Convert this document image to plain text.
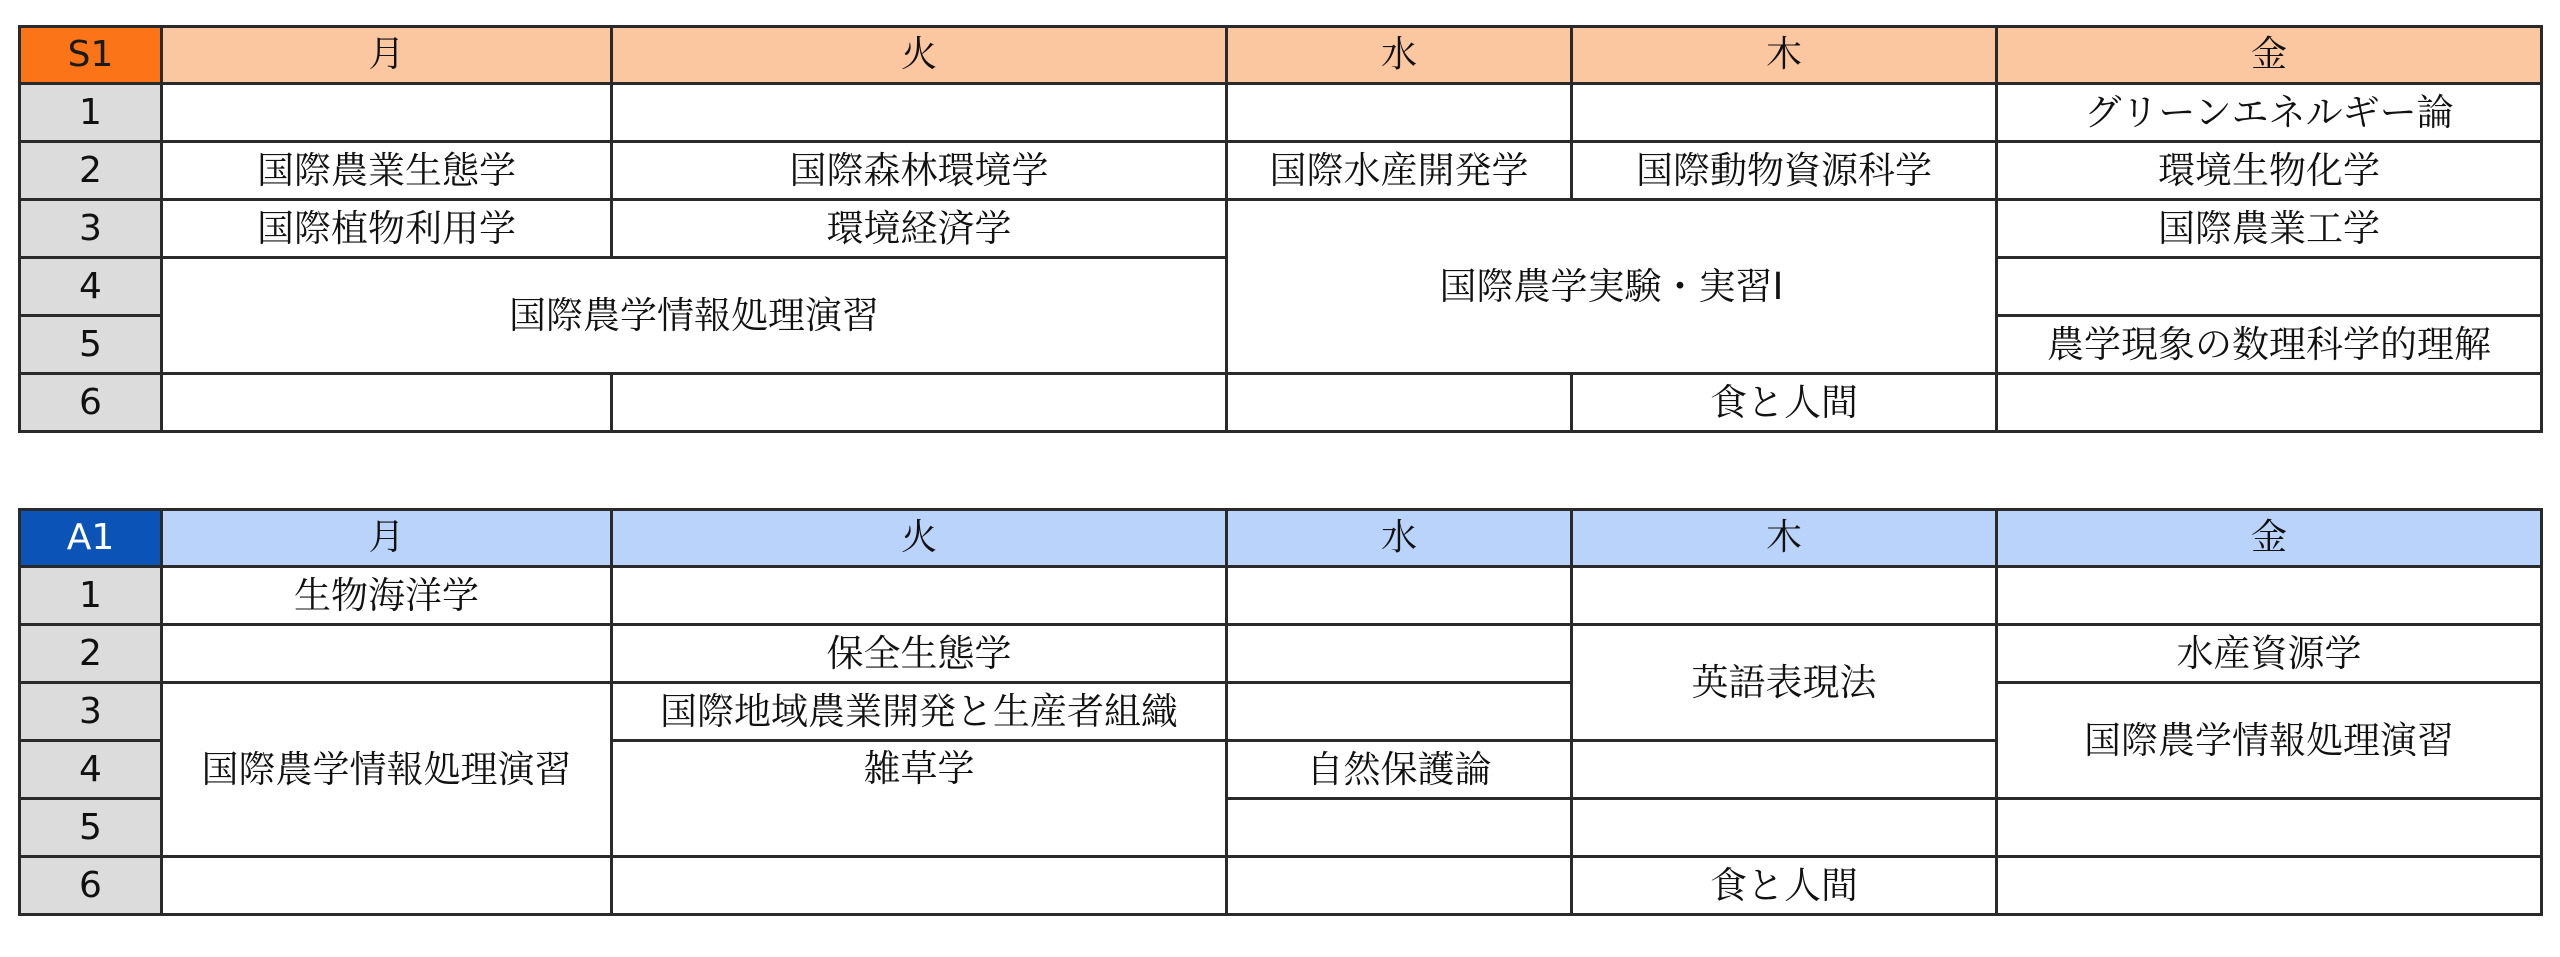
S1	月	火	水	木	金
1					グリーンエネルギー論
2	国際農業生態学	国際森林環境学	国際水産開発学	国際動物資源科学	環境生物化学
3	国際植物利用学	環境経済学	国際農学実験・実習Ⅰ		国際農業工学
4	国際農学情報処理演習				
5					農学現象の数理科学的理解
6				食と人間	
A1	月	火	水	木	金
1	生物海洋学				
2		保全生態学		英語表現法	水産資源学
3	国際農学情報処理演習	国際地域農業開発と生産者組織			国際農学情報処理演習
4		雑草学	自然保護論		
5					
6				食と人間	
